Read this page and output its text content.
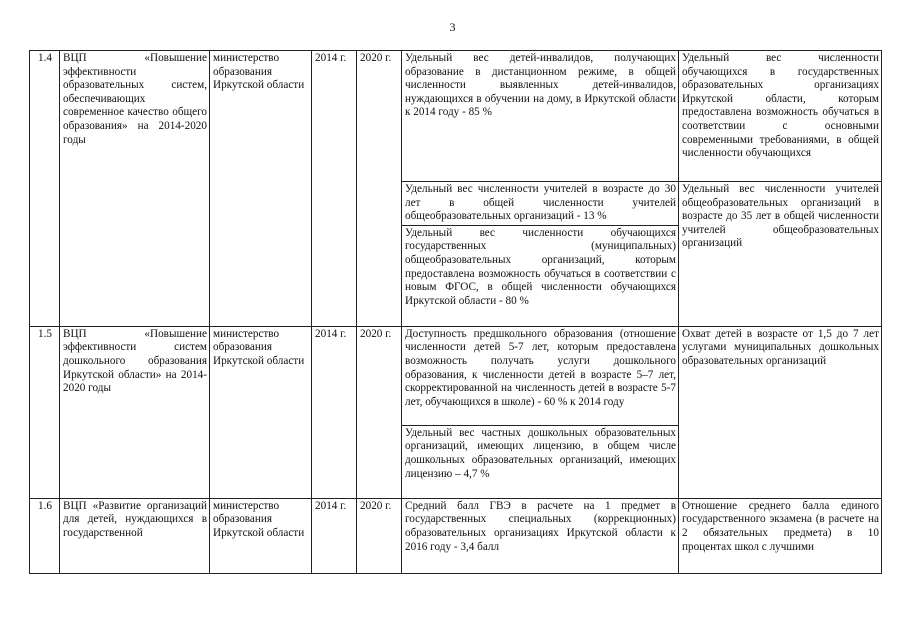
3
1.4	ВЦП «Повышение эффективности образовательных систем, обеспечивающих современное качество общего образования» на 2014-2020 годы	министерство образования Иркутской области	2014 г.	2020 г.	Удельный вес детей-инвалидов, получающих образование в дистанционном режиме, в общей численности выявленных детей-инвалидов, нуждающихся в обучении на дому, в Иркутской области к 2014 году - 85 %	Удельный вес численности обучающихся в государственных образовательных организациях Иркутской области, которым предоставлена возможность обучаться в соответствии с основными современными требованиями, в общей численности обучающихся
					Удельный вес численности учителей в возрасте до 30 лет в общей численности учителей общеобразовательных организаций - 13 %	Удельный вес численности учителей общеобразовательных организаций в возрасте до 35 лет в общей численности учителей общеобразовательных организаций
					Удельный вес численности обучающихся государственных (муниципальных) общеобразовательных организаций, которым предоставлена возможность обучаться в соответствии с новым ФГОС, в общей численности обучающихся Иркутской области - 80 %	
1.5	ВЦП «Повышение эффективности систем дошкольного образования Иркутской области» на 2014-2020 годы	министерство образования Иркутской области	2014 г.	2020 г.	Доступность предшкольного образования (отношение численности детей 5-7 лет, которым предоставлена возможность получать услуги дошкольного образования, к численности детей в возрасте 5–7 лет, скорректированной на численность детей в возрасте 5-7 лет, обучающихся в школе) - 60 % к 2014 году	Охват детей в возрасте от 1,5 до 7 лет услугами муниципальных дошкольных образовательных организаций
					Удельный вес частных дошкольных образовательных организаций, имеющих лицензию, в общем числе дошкольных образовательных организаций, имеющих лицензию – 4,7 %	
1.6	ВЦП «Развитие организаций для детей, нуждающихся в государственной	министерство образования Иркутской области	2014 г.	2020 г.	Средний балл ГВЭ в расчете на 1 предмет в государственных специальных (коррекционных) образовательных организациях Иркутской области к 2016 году - 3,4 балл	Отношение среднего балла единого государственного экзамена (в расчете на 2 обязательных предмета) в 10 процентах школ с лучшими
